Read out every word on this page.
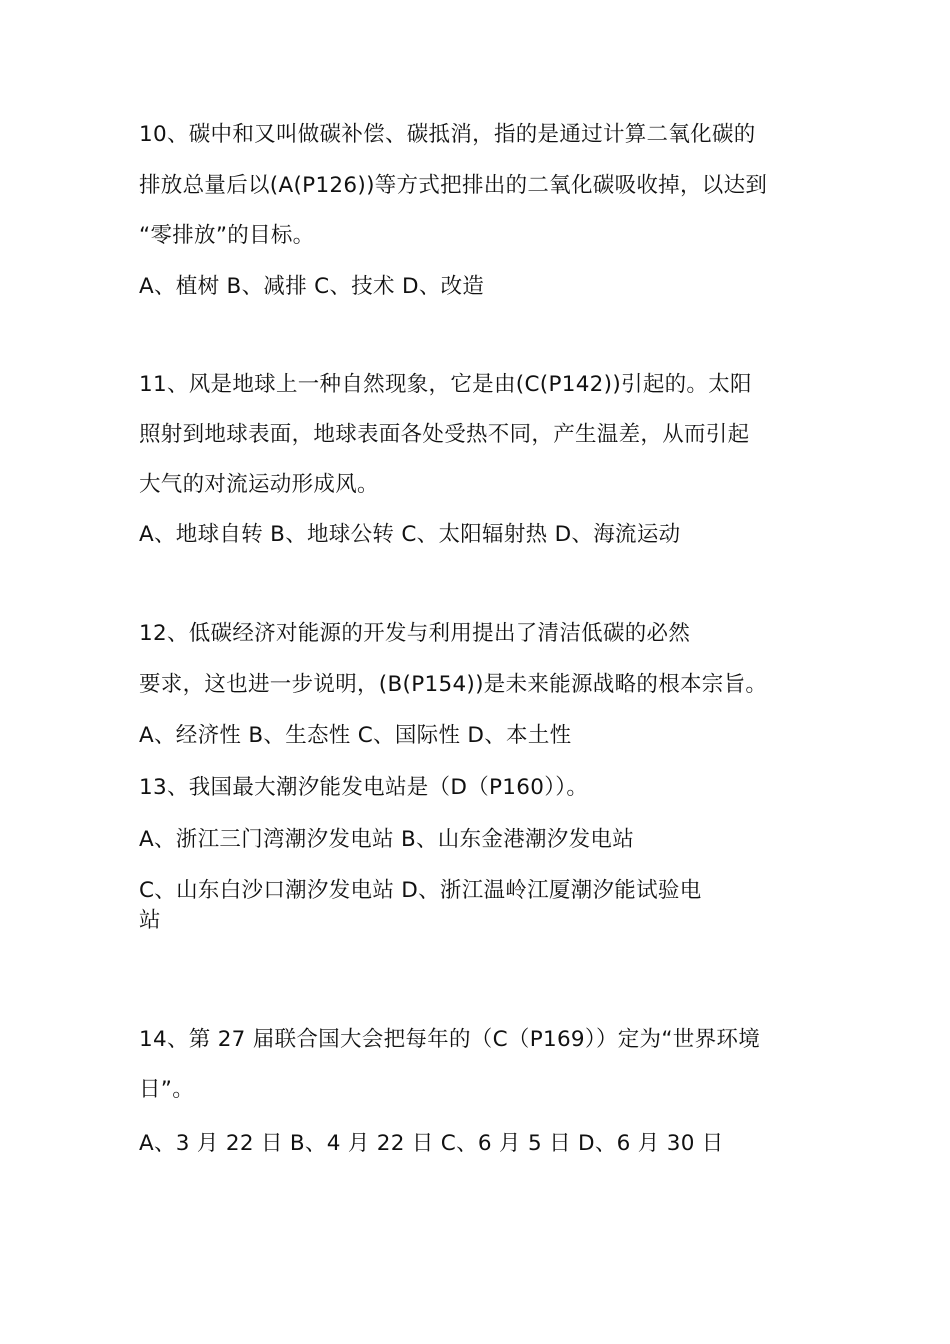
10、碳中和又叫做碳补偿、碳抵消，指的是通过计算二氧化碳的
排放总量后以(A(P126))等方式把排出的二氧化碳吸收掉，以达到
“零排放”的目标。
A、植树 B、减排 C、技术 D、改造
11、风是地球上一种自然现象，它是由(C(P142))引起的。太阳
照射到地球表面，地球表面各处受热不同，产生温差，从而引起
大气的对流运动形成风。
A、地球自转 B、地球公转 C、太阳辐射热 D、海流运动
12、低碳经济对能源的开发与利用提出了清洁低碳的必然
要求，这也进一步说明，(B(P154))是未来能源战略的根本宗旨。
A、经济性 B、生态性 C、国际性 D、本土性
13、我国最大潮汐能发电站是（D（P160））。
A、浙江三门湾潮汐发电站 B、山东金港潮汐发电站
C、山东白沙口潮汐发电站 D、浙江温岭江厦潮汐能试验电
站
14、第 27 届联合国大会把每年的（C（P169））定为“世界环境
日”。
A、3 月 22 日 B、4 月 22 日 C、6 月 5 日 D、6 月 30 日
